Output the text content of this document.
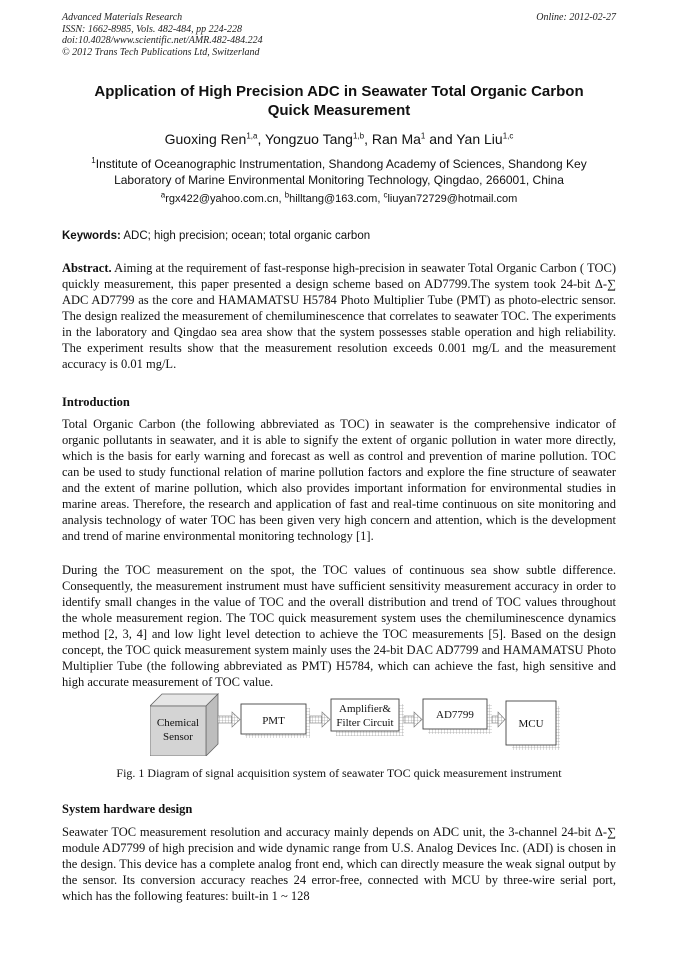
Advanced Materials Research
ISSN: 1662-8985, Vols. 482-484, pp 224-228
doi:10.4028/www.scientific.net/AMR.482-484.224
© 2012 Trans Tech Publications Ltd, Switzerland
Online: 2012-02-27
Application of High Precision ADC in Seawater Total Organic Carbon
Quick Measurement
Guoxing Ren$^{1,a}$, Yongzuo Tang$^{1,b}$, Ran Ma$^1$ and Yan Liu$^{1,c}$
$^1$Institute of Oceanographic Instrumentation, Shandong Academy of Sciences, Shandong Key
Laboratory of Marine Environmental Monitoring Technology, Qingdao, 266001, China
$^a$rgx422@yahoo.com.cn, $^b$hilltang@163.com, $^c$liuyan72729@hotmail.com
Keywords: ADC; high precision; ocean; total organic carbon
Abstract. Aiming at the requirement of fast-response high-precision in seawater Total Organic Carbon ( TOC) quickly measurement, this paper presented a design scheme based on AD7799.The system took 24-bit Δ-∑ ADC AD7799 as the core and HAMAMATSU H5784 Photo Multiplier Tube (PMT) as photo-electric sensor. The design realized the measurement of chemiluminescence that correlates to seawater TOC. The experiments in the laboratory and Qingdao sea area show that the system possesses stable operation and high reliability. The experiment results show that the measurement resolution exceeds 0.001 mg/L and the measurement accuracy is 0.01 mg/L.
Introduction
Total Organic Carbon (the following abbreviated as TOC) in seawater is the comprehensive indicator of organic pollutants in seawater, and it is able to signify the extent of organic pollution in water more directly, which is the basis for early warning and forecast as well as control and prevention of marine pollution. TOC can be used to study functional relation of marine pollution factors and explore the fine structure of seawater and the extent of marine pollution, which also provides important information for environmental studies in marine areas. Therefore, the research and application of fast and real-time continuous on site monitoring and analysis technology of water TOC has been given very high concern and attention, which is the development and trend of marine environmental monitoring technology [1].
During the TOC measurement on the spot, the TOC values of continuous sea show subtle difference. Consequently, the measurement instrument must have sufficient sensitivity measurement accuracy in order to identify small changes in the value of TOC and the overall distribution and trend of TOC values throughout the whole measurement region. The TOC quick measurement system uses the chemiluminescence dynamics method [2, 3, 4] and low light level detection to achieve the TOC measurements [5]. Based on the design concept, the TOC quick measurement system mainly uses the 24-bit DAC AD7799 and HAMAMATSU Photo Multiplier Tube (the following abbreviated as PMT) H5784, which can achieve the fast, high sensitive and high accurate measurement of TOC value.
Chemical
Sensor
PMT
Amplifier&
Filter Circuit
AD7799
MCU
Fig. 1 Diagram of signal acquisition system of seawater TOC quick measurement instrument
System hardware design
Seawater TOC measurement resolution and accuracy mainly depends on ADC unit, the 3-channel 24-bit Δ-∑ module AD7799 of high precision and wide dynamic range from U.S. Analog Devices Inc. (ADI) is chosen in the design. This device has a complete analog front end, which can directly measure the weak signal output by the sensor. Its conversion accuracy reaches 24 error-free, connected with MCU by three-wire serial port, which has the following features: built-in 1 ~ 128
